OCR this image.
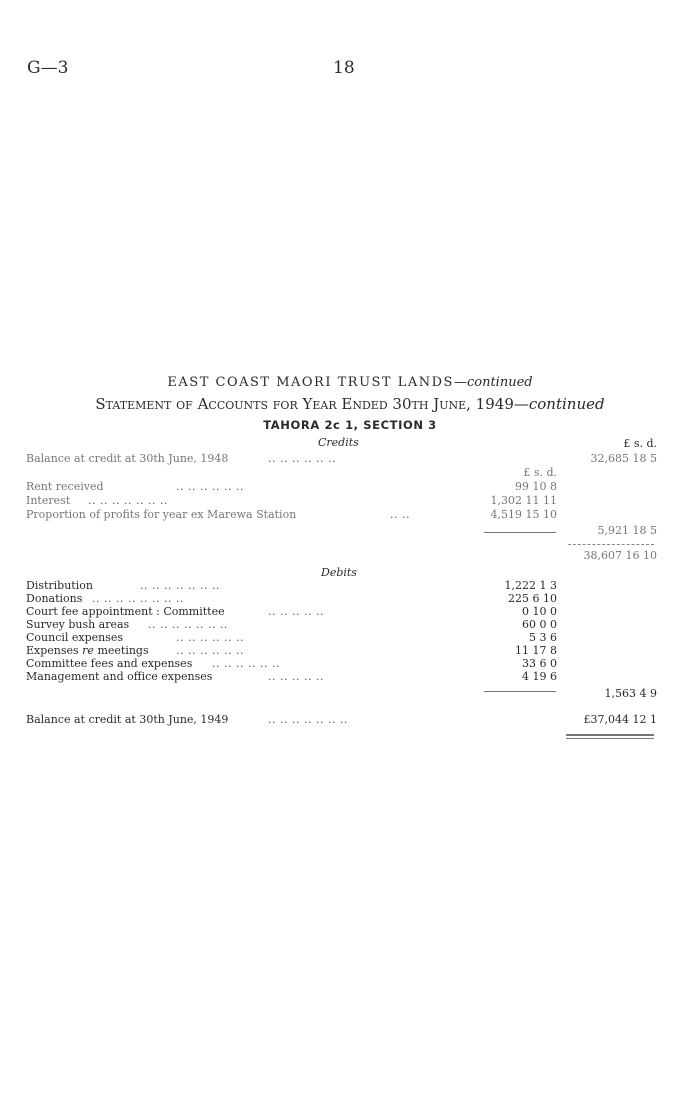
G—3	18
EAST COAST MAORI TRUST LANDS—continued
Statement of Accounts for Year Ended 30th June, 1949—continued
TAHORA 2c 1, SECTION 3
Credits	£ s. d.
Balance at credit at 30th June, 1948	.. .. .. .. .. ..	32,685 18 5
£ s. d.
Rent received	.. .. .. .. .. ..	99 10 8
Interest .. .. .. .. .. .. ..	1,302 11 11
Proportion of profits for year ex Marewa Station	.. ..	4,519 15 10
5,921 18 5
38,607 16 10
Debits
Distribution	.. .. .. .. .. .. ..	1,222 1 3
Donations .. .. .. .. .. .. .. ..	225 6 10
Court fee appointment : Committee	.. .. .. .. ..	0 10 0
Survey bush areas .. .. .. .. .. .. ..	60 0 0
Council expenses	.. .. .. .. .. ..	5 3 6
Expenses re meetings .. .. .. .. .. ..	11 17 8
Committee fees and expenses .. .. .. .. .. ..	33 6 0
Management and office expenses	.. .. .. .. ..	4 19 6
1,563 4 9
Balance at credit at 30th June, 1949	.. .. .. .. .. .. ..	£37,044 12 1
